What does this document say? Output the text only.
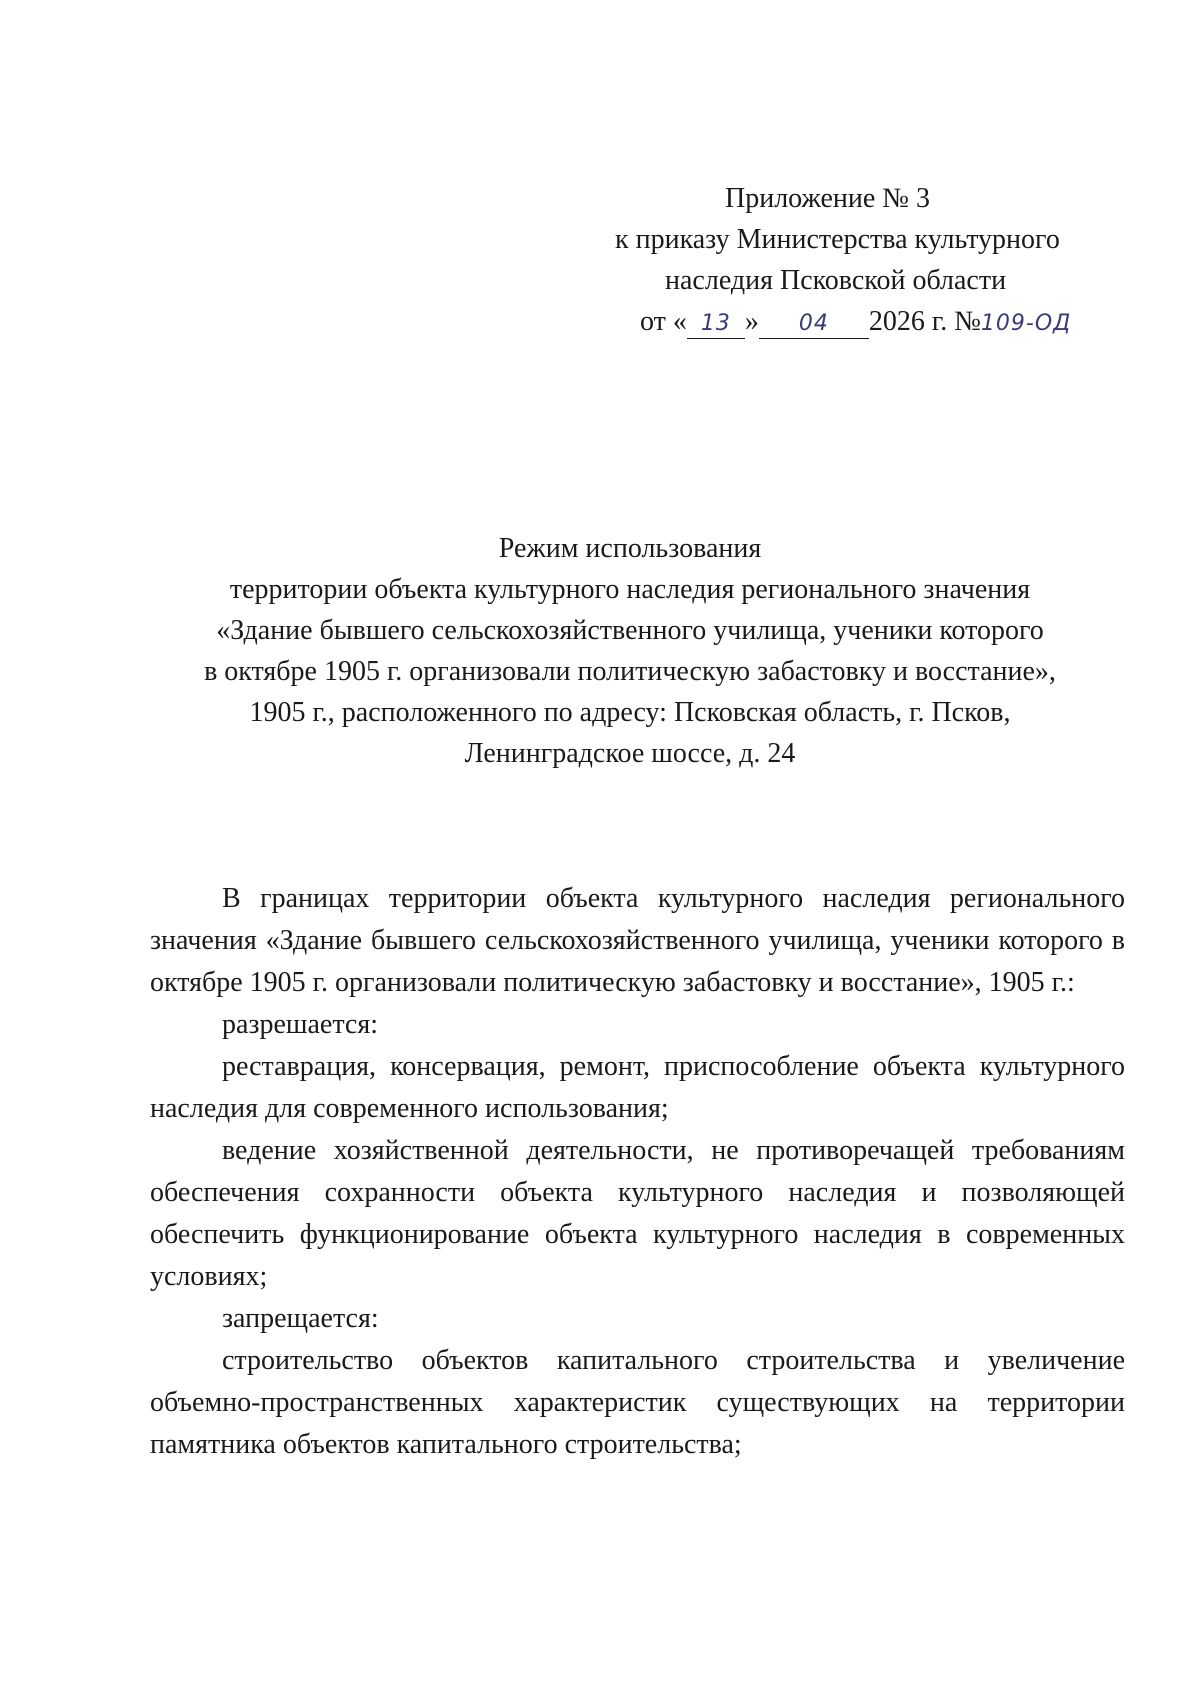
Приложение № 3
к приказу Министерства культурного
наследия Псковской области
от « 13 » 04 2026 г. №109-ОД
Режим использования
территории объекта культурного наследия регионального значения
«Здание бывшего сельскохозяйственного училища, ученики которого
в октябре 1905 г. организовали политическую забастовку и восстание»,
1905 г., расположенного по адресу: Псковская область, г. Псков,
Ленинградское шоссе, д. 24

В границах территории объекта культурного наследия регионального значения «Здание бывшего сельскохозяйственного училища, ученики которого в октябре 1905 г. организовали политическую забастовку и восстание», 1905 г.:

разрешается:

реставрация, консервация, ремонт, приспособление объекта культурного наследия для современного использования;

ведение хозяйственной деятельности, не противоречащей требованиям обеспечения сохранности объекта культурного наследия и позволяющей обеспечить функционирование объекта культурного наследия в современных условиях;

запрещается:

строительство объектов капитального строительства и увеличение объемно-пространственных характеристик существующих на территории памятника объектов капитального строительства;
